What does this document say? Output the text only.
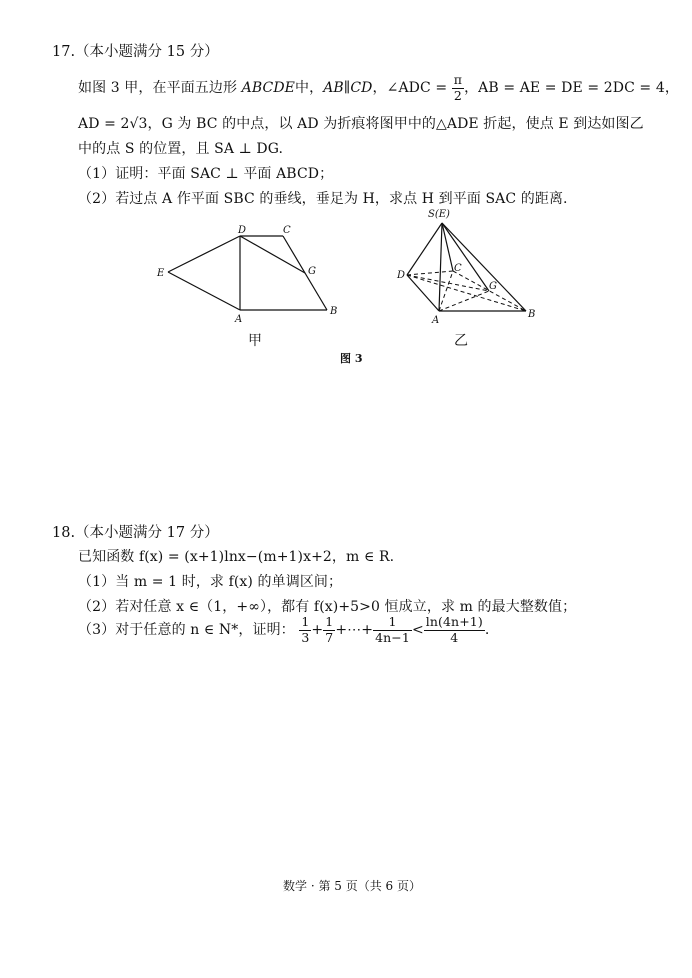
17.（本小题满分 15 分）
如图 3 甲，在平面五边形 ABCDE中，AB∥CD，∠ADC = $\frac{\pi}{2}$ ，AB = AE = DE = 2DC = 4，
AD = 2√3，G 为 BC 的中点，以 AD 为折痕将图甲中的△ADE 折起，使点 E 到达如图乙
中的点 S 的位置，且 SA ⊥ DG.
（1）证明：平面 SAC ⊥ 平面 ABCD；
（2）若过点 A 作平面 SBC 的垂线，垂足为 H，求点 H 到平面 SAC 的距离.
D	C
E	G
A
B
S(E)
D
C
G
A
B
甲	乙
图 3
18.（本小题满分 17 分）
已知函数 f(x) = (x+1)lnx−(m+1)x+2，m ∈ R.
（1）当 m = 1 时，求 f(x) 的单调区间；
（2）若对任意 x ∈（1，+∞），都有 f(x)+5>0 恒成立，求 m 的最大整数值；
（3）对于任意的 n ∈ N*，证明： $\frac{1}{3} + \frac{1}{7}$ +⋯+ $\frac{1}{4n-1} < \frac{\ln(4n+1)}{4}$ .
数学 · 第 5 页（共 6 页）
